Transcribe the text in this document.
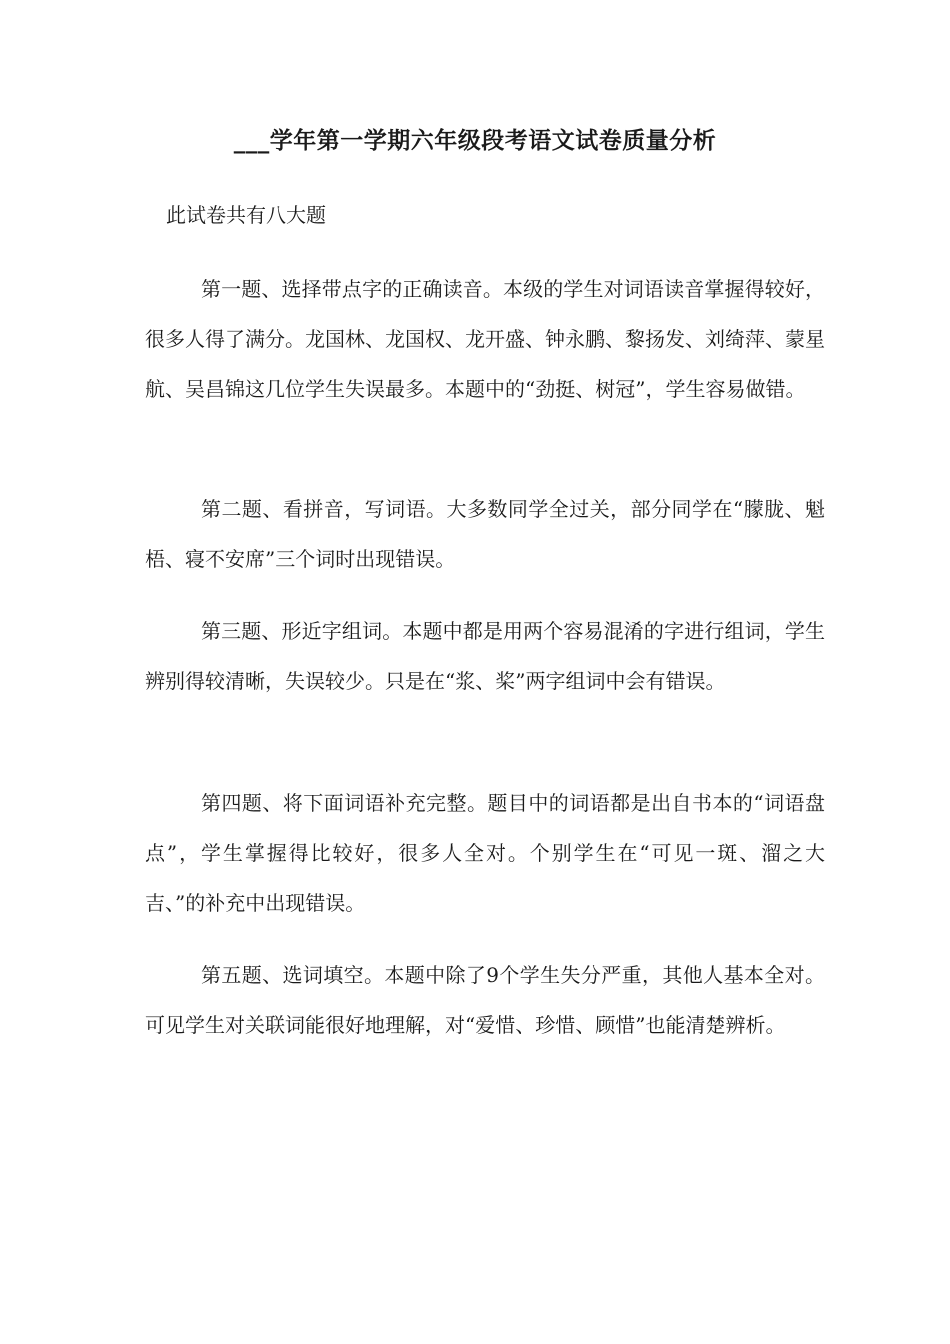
___学年第一学期六年级段考语文试卷质量分析
此试卷共有八大题

第一题、选择带点字的正确读音。本级的学生对词语读音掌握得较好，很多人得了满分。龙国林、龙国权、龙开盛、钟永鹏、黎扬发、刘绮萍、蒙星航、吴昌锦这几位学生失误最多。本题中的“劲挺、树冠”，学生容易做错。

第二题、看拼音，写词语。大多数同学全过关，部分同学在“朦胧、魁梧、寝不安席”三个词时出现错误。

第三题、形近字组词。本题中都是用两个容易混淆的字进行组词，学生辨别得较清晰，失误较少。只是在“浆、桨”两字组词中会有错误。

第四题、将下面词语补充完整。题目中的词语都是出自书本的“词语盘点”，学生掌握得比较好，很多人全对。个别学生在“可见一斑、溜之大吉、”的补充中出现错误。

第五题、选词填空。本题中除了9个学生失分严重，其他人基本全对。可见学生对关联词能很好地理解，对“爱惜、珍惜、顾惜”也能清楚辨析。
